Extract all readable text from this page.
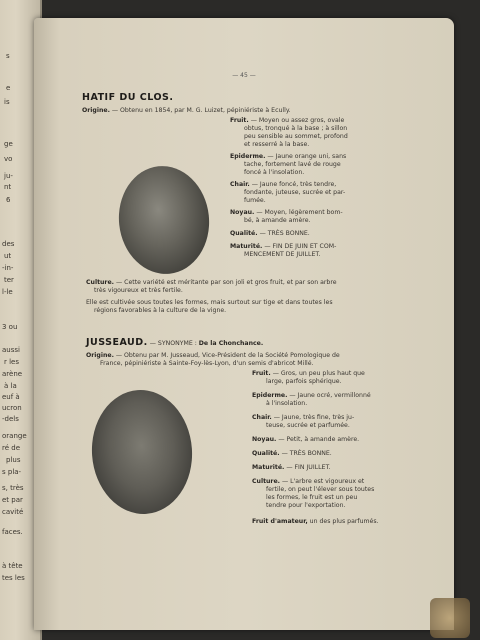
s
e
is
ge
vo
ju-
nt
6
des
ut
-in-
ter
l-le
3 ou
aussi
r les
arène
à la
euf à
ucron
-dels
orange
ré de
plus
s pla-
s, très
et par
cavité
faces.
à tête
tes les
— 45 —
HATIF DU CLOS.
Origine. — Obtenu en 1854, par M. G. Luizet, pépiniériste à Ecully.
Fruit. — Moyen ou assez gros, ovale
obtus, tronqué à la base ; à sillon
peu sensible au sommet, profond
et resserré à la base.
Epiderme. — Jaune orange uni, sans
tache, fortement lavé de rouge
foncé à l'insolation.
Chair. — Jaune foncé, très tendre,
fondante, juteuse, sucrée et par-
fumée.
Noyau. — Moyen, légèrement bom-
bé, à amande amère.
Qualité. — TRÈS BONNE.
Maturité. — FIN DE JUIN ET COM-
MENCEMENT DE JUILLET.
Culture. — Cette variété est méritante par son joli et gros fruit, et par son arbre
très vigoureux et très fertile.
Elle est cultivée sous toutes les formes, mais surtout sur tige et dans toutes les
régions favorables à la culture de la vigne.
JUSSEAUD. — SYNONYME : De la Chonchance.
Origine. — Obtenu par M. Jusseaud, Vice-Président de la Société Pomologique de
France, pépiniériste à Sainte-Foy-lès-Lyon, d'un semis d'abricot Millé.
Fruit. — Gros, un peu plus haut que
large, parfois sphérique.
Epiderme. — Jaune ocré, vermillonné
à l'insolation.
Chair. — Jaune, très fine, très ju-
teuse, sucrée et parfumée.
Noyau. — Petit, à amande amère.
Qualité. — TRÈS BONNE.
Maturité. — FIN JUILLET.
Culture. — L'arbre est vigoureux et
fertile, on peut l'élever sous toutes
les formes, le fruit est un peu
tendre pour l'exportation.
Fruit d'amateur, un des plus parfumés.
